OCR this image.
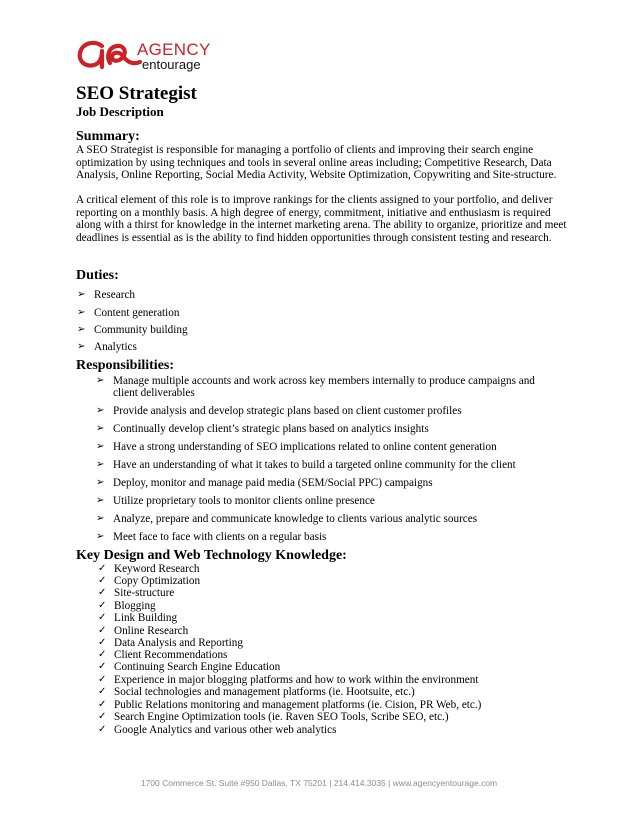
AGENCY
entourage
SEO Strategist
Job Description
Summary:

A SEO Strategist is responsible for managing a portfolio of clients and improving their search engine optimization by using techniques and tools in several online areas including; Competitive Research, Data Analysis, Online Reporting, Social Media Activity, Website Optimization, Copywriting and Site-structure.

A critical element of this role is to improve rankings for the clients assigned to your portfolio, and deliver reporting on a monthly basis. A high degree of energy, commitment, initiative and enthusiasm is required along with a thirst for knowledge in the internet marketing arena. The ability to organize, prioritize and meet deadlines is essential as is the ability to find hidden opportunities through consistent testing and research.

Duties:
➢ Research
➢ Content generation
➢ Community building
➢ Analytics
Responsibilities:
➢ Manage multiple accounts and work across key members internally to produce campaigns and client deliverables
➢ Provide analysis and develop strategic plans based on client customer profiles
➢ Continually develop client’s strategic plans based on analytics insights
➢ Have a strong understanding of SEO implications related to online content generation
➢ Have an understanding of what it takes to build a targeted online community for the client
➢ Deploy, monitor and manage paid media (SEM/Social PPC) campaigns
➢ Utilize proprietary tools to monitor clients online presence
➢ Analyze, prepare and communicate knowledge to clients various analytic sources
➢ Meet face to face with clients on a regular basis
Key Design and Web Technology Knowledge:
✓ Keyword Research
✓ Copy Optimization
✓ Site-structure
✓ Blogging
✓ Link Building
✓ Online Research
✓ Data Analysis and Reporting
✓ Client Recommendations
✓ Continuing Search Engine Education
✓ Experience in major blogging platforms and how to work within the environment
✓ Social technologies and management platforms (ie. Hootsuite, etc.)
✓ Public Relations monitoring and management platforms (ie. Cision, PR Web, etc.)
✓ Search Engine Optimization tools (ie. Raven SEO Tools, Scribe SEO, etc.)
✓ Google Analytics and various other web analytics
1700 Commerce St. Suite #950 Dallas, TX 75201 | 214.414.3035 | www.agencyentourage.com
